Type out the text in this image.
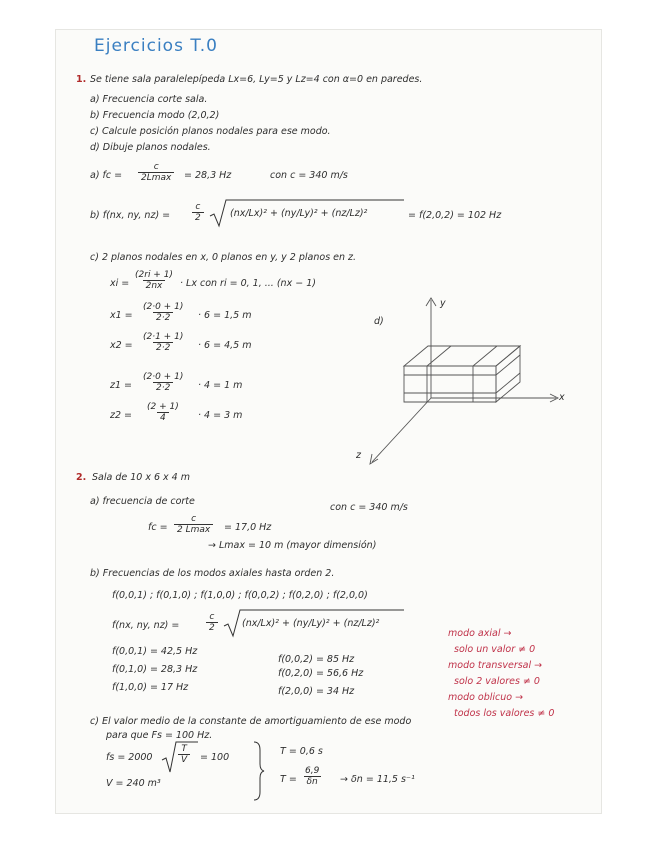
Ejercicios T.0
1. Se tiene sala paralelepípeda Lx=6, Ly=5 y Lz=4 con α=0 en paredes.
a) Frecuencia corte sala.
b) Frecuencia modo (2,0,2)
c) Calcule posición planos nodales para ese modo.
d) Dibuje planos nodales.
a) fc =
c
2Lmax	= 28,3 Hz	con c = 340 m/s
b) f(nx, ny, $nz) = \frac{c}{2}$	(nx/Lx)² + (ny/Ly)² + (nz/Lz)²	= f(2,0,2) = 102 Hz
c) 2 planos nodales en x, 0 planos en y, y 2 planos en z.
xi = $\frac{(2ri + 1)}{2nx} \cdot Lx$ con ri = 0, 1, ... (nx − 1)
$x1 = \frac{(2\cdot 0 + 1)}{2\cdot 2} \cdot 6 = 1,5$ m
$x2 = \frac{(2\cdot 1 + 1)}{2\cdot 2} \cdot 6 = 4,5$ m
$z1 = \frac{(2\cdot 0 + 1)}{2\cdot 2} \cdot 4 = 1$ m
$z2 = \frac{(2 + 1)}{4} \cdot 4 = 3$ m
d)
y
x
z
2. Sala de 10 x 6 x 4 m
a) frecuencia de corte
con c = 340 m/s
fc =
c
2 Lmax	= 17,0 Hz
→ Lmax = 10 m (mayor dimensión)
b) Frecuencias de los modos axiales hasta orden 2.
f(0,0,1) ; f(0,1,0) ; f(1,0,0) ; f(0,0,2) ; f(0,2,0) ; f(2,0,0)
f(nx, ny, nz) =	$\frac{c}{2}$	(nx/Lx)² + (ny/Ly)² + (nz/Lz)²
f(0,0,1) = 42,5 Hz
f(0,1,0) = 28,3 Hz
f(1,0,0) = 17 Hz
f(0,0,2) = 85 Hz
f(0,2,0) = 56,6 Hz
f(2,0,0) = 34 Hz
modo axial →
solo un valor ≠ 0
modo transversal →
solo 2 valores ≠ 0
modo oblicuo →
todos los valores ≠ 0
c) El valor medio de la constante de amortiguamiento de ese modo
para que Fs = 100 Hz.
fs = 2000	$\frac{T}{V} = 100$
V = 240 m³
T = 0,6 s
$T = \frac{6,9}{\delta n} \to \delta n = 11,5$ s⁻¹
